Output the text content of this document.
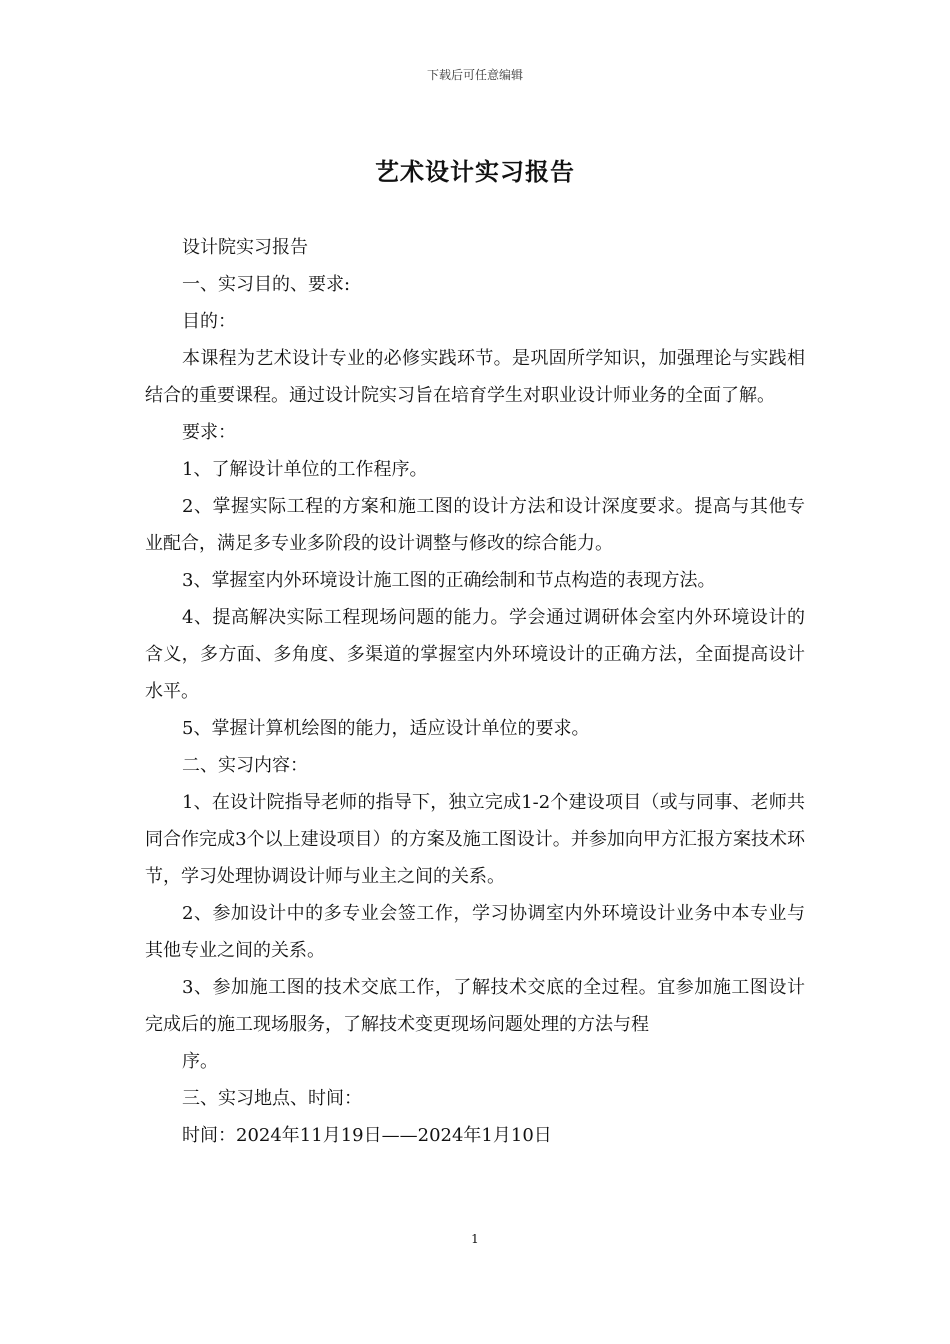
下载后可任意编辑
艺术设计实习报告

设计院实习报告

一、实习目的、要求:

目的：

本课程为艺术设计专业的必修实践环节。是巩固所学知识，加强理论与实践相结合的重要课程。通过设计院实习旨在培育学生对职业设计师业务的全面了解。

要求：

1、了解设计单位的工作程序。

2、掌握实际工程的方案和施工图的设计方法和设计深度要求。提高与其他专业配合，满足多专业多阶段的设计调整与修改的综合能力。

3、掌握室内外环境设计施工图的正确绘制和节点构造的表现方法。

4、提高解决实际工程现场问题的能力。学会通过调研体会室内外环境设计的含义，多方面、多角度、多渠道的掌握室内外环境设计的正确方法，全面提高设计水平。

5、掌握计算机绘图的能力，适应设计单位的要求。

二、实习内容：

1、在设计院指导老师的指导下，独立完成1-2个建设项目（或与同事、老师共同合作完成3个以上建设项目）的方案及施工图设计。并参加向甲方汇报方案技术环节，学习处理协调设计师与业主之间的关系。

2、参加设计中的多专业会签工作，学习协调室内外环境设计业务中本专业与其他专业之间的关系。

3、参加施工图的技术交底工作，了解技术交底的全过程。宜参加施工图设计完成后的施工现场服务，了解技术变更现场问题处理的方法与程

序。

三、实习地点、时间：

时间：2024年11月19日——2024年1月10日

1
